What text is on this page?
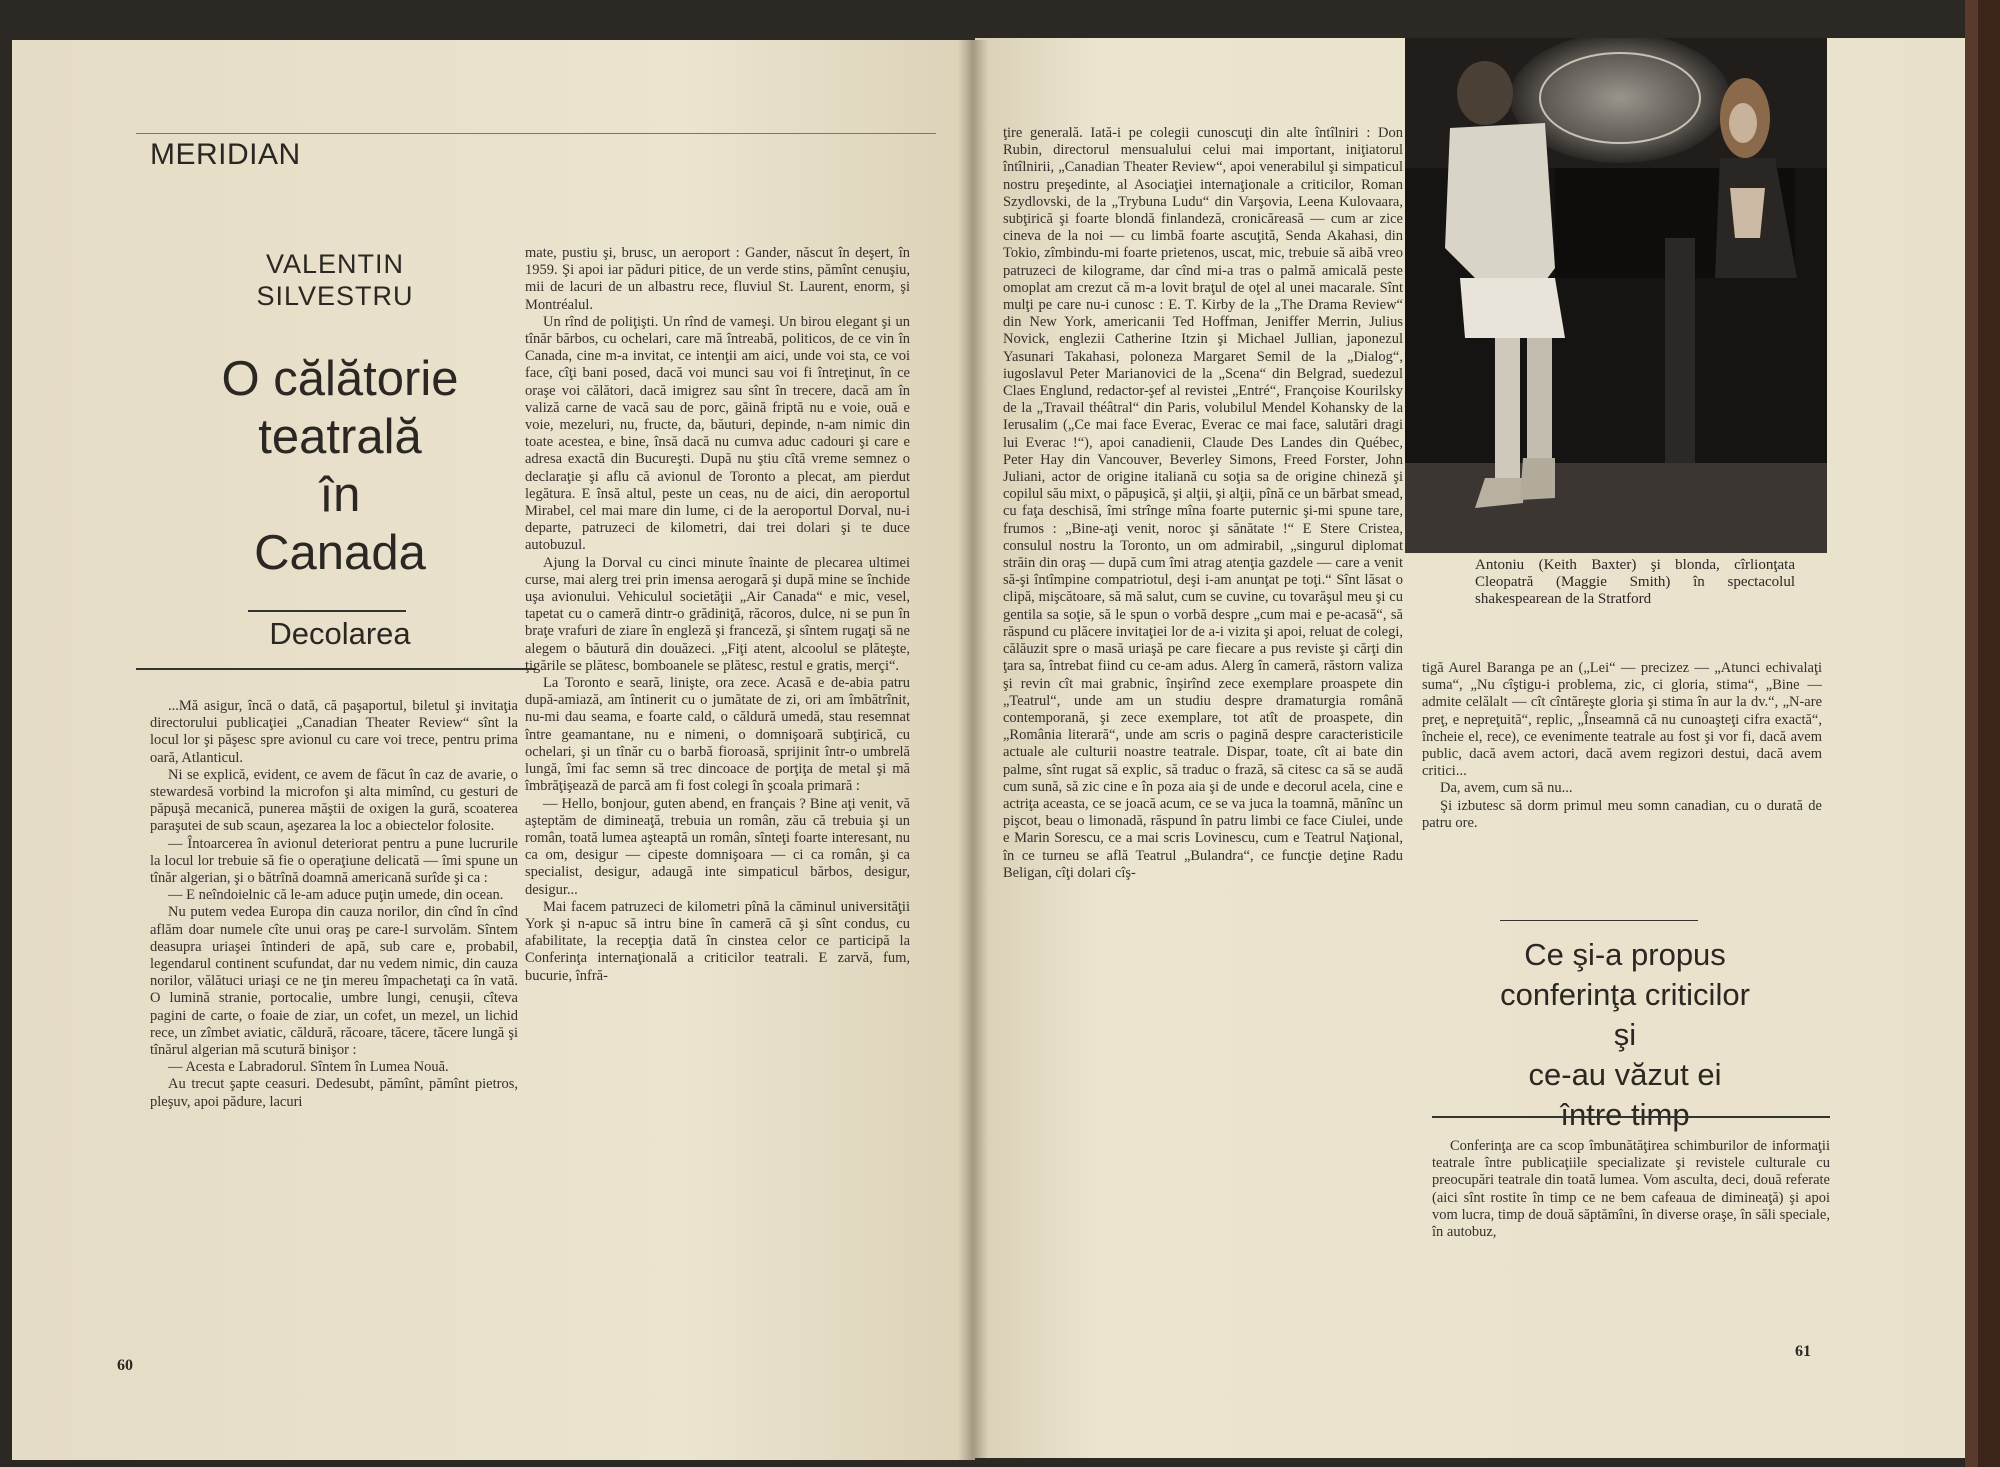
MERIDIAN
VALENTIN
SILVESTRU
O călătorie
teatrală
în
Canada
Decolarea

...Mă asigur, încă o dată, că paşaportul, biletul şi invitaţia directorului publicaţiei „Canadian Theater Review“ sînt la locul lor şi păşesc spre avionul cu care voi trece, pentru prima oară, Atlanticul.

Ni se explică, evident, ce avem de făcut în caz de avarie, o stewardesă vorbind la microfon şi alta mimînd, cu gesturi de păpuşă mecanică, punerea măştii de oxigen la gură, scoaterea paraşutei de sub scaun, aşezarea la loc a obiectelor folosite.

— Întoarcerea în avionul deteriorat pentru a pune lucrurile la locul lor trebuie să fie o operaţiune delicată — îmi spune un tînăr algerian, şi o bătrînă doamnă americană surîde şi ca :

— E neîndoielnic că le-am aduce puţin umede, din ocean.

Nu putem vedea Europa din cauza norilor, din cînd în cînd aflăm doar numele cîte unui oraş pe care-l survolăm. Sîntem deasupra uriaşei întinderi de apă, sub care e, probabil, legendarul continent scufundat, dar nu vedem nimic, din cauza norilor, vălătuci uriaşi ce ne ţin mereu împachetaţi ca în vată. O lumină stranie, portocalie, umbre lungi, cenuşii, cîteva pagini de carte, o foaie de ziar, un cofet, un mezel, un lichid rece, un zîmbet aviatic, căldură, răcoare, tăcere, tăcere lungă şi tînărul algerian mă scutură binişor :

— Acesta e Labradorul. Sîntem în Lumea Nouă.

Au trecut şapte ceasuri. Dedesubt, pămînt, pămînt pietros, pleşuv, apoi pădure, lacuri

mate, pustiu şi, brusc, un aeroport : Gander, născut în deşert, în 1959. Şi apoi iar păduri pitice, de un verde stins, pămînt cenuşiu, mii de lacuri de un albastru rece, fluviul St. Laurent, enorm, şi Montréalul.

Un rînd de poliţişti. Un rînd de vameşi. Un birou elegant şi un tînăr bărbos, cu ochelari, care mă întreabă, politicos, de ce vin în Canada, cine m-a invitat, ce intenţii am aici, unde voi sta, ce voi face, cîţi bani posed, dacă voi munci sau voi fi întreţinut, în ce oraşe voi călători, dacă imigrez sau sînt în trecere, dacă am în valiză carne de vacă sau de porc, găină friptă nu e voie, ouă e voie, mezeluri, nu, fructe, da, băuturi, depinde, n-am nimic din toate acestea, e bine, însă dacă nu cumva aduc cadouri şi care e adresa exactă din Bucureşti. După nu ştiu cîtă vreme semnez o declaraţie şi aflu că avionul de Toronto a plecat, am pierdut legătura. E însă altul, peste un ceas, nu de aici, din aeroportul Mirabel, cel mai mare din lume, ci de la aeroportul Dorval, nu-i departe, patruzeci de kilometri, dai trei dolari şi te duce autobuzul.

Ajung la Dorval cu cinci minute înainte de plecarea ultimei curse, mai alerg trei prin imensa aerogară şi după mine se închide uşa avionului. Vehiculul societăţii „Air Canada“ e mic, vesel, tapetat cu o cameră dintr-o grădiniţă, răcoros, dulce, ni se pun în braţe vrafuri de ziare în engleză şi franceză, şi sîntem rugaţi să ne alegem o băutură din douăzeci. „Fiţi atent, alcoolul se plăteşte, ţigările se plătesc, bomboanele se plătesc, restul e gratis, merçi“.

La Toronto e seară, linişte, ora zece. Acasă e de-abia patru după-amiază, am întinerit cu o jumătate de zi, ori am îmbătrînit, nu-mi dau seama, e foarte cald, o căldură umedă, stau resemnat între geamantane, nu e nimeni, o domnişoară subţirică, cu ochelari, şi un tînăr cu o barbă fioroasă, sprijinit într-o umbrelă lungă, îmi fac semn să trec dincoace de porţiţa de metal şi mă îmbrăţişează de parcă am fi fost colegi în şcoala primară :

— Hello, bonjour, guten abend, en français ? Bine aţi venit, vă aşteptăm de dimineaţă, trebuia un român, zău că trebuia şi un român, toată lumea aşteaptă un român, sînteţi foarte interesant, nu ca om, desigur — cipeste domnişoara — ci ca român, şi ca specialist, desigur, adaugă inte simpaticul bărbos, desigur, desigur...

Mai facem patruzeci de kilometri pînă la căminul universităţii York şi n-apuc să intru bine în cameră că şi sînt condus, cu afabilitate, la recepţia dată în cinstea celor ce participă la Conferinţa internaţională a criticilor teatrali. E zarvă, fum, bucurie, înfră-

60

ţire generală. Iată-i pe colegii cunoscuţi din alte întîlniri : Don Rubin, directorul mensualului celui mai important, iniţiatorul întîlnirii, „Canadian Theater Review“, apoi venerabilul şi simpaticul nostru preşedinte, al Asociaţiei internaţionale a criticilor, Roman Szydlovski, de la „Trybuna Ludu“ din Varşovia, Leena Kulovaara, subţirică şi foarte blondă finlandeză, cronicăreasă — cum ar zice cineva de la noi — cu limbă foarte ascuţită, Senda Akahasi, din Tokio, zîmbindu-mi foarte prietenos, uscat, mic, trebuie să aibă vreo patruzeci de kilograme, dar cînd mi-a tras o palmă amicală peste omoplat am crezut că m-a lovit braţul de oţel al unei macarale. Sînt mulţi pe care nu-i cunosc : E. T. Kirby de la „The Drama Review“ din New York, americanii Ted Hoffman, Jeniffer Merrin, Julius Novick, englezii Catherine Itzin şi Michael Jullian, japonezul Yasunari Takahasi, poloneza Margaret Semil de la „Dialog“, iugoslavul Peter Marianovici de la „Scena“ din Belgrad, suedezul Claes Englund, redactor-şef al revistei „Entré“, Françoise Kourilsky de la „Travail théâtral“ din Paris, volubilul Mendel Kohansky de la Ierusalim („Ce mai face Everac, Everac ce mai face, salutări dragi lui Everac !“), apoi canadienii, Claude Des Landes din Québec, Peter Hay din Vancouver, Beverley Simons, Freed Forster, John Juliani, actor de origine italiană cu soţia sa de origine chineză şi copilul său mixt, o păpuşică, şi alţii, şi alţii, pînă ce un bărbat smead, cu faţa deschisă, îmi strînge mîna foarte puternic şi-mi spune tare, frumos : „Bine-aţi venit, noroc şi sănătate !“ E Stere Cristea, consulul nostru la Toronto, un om admirabil, „singurul diplomat străin din oraş — după cum îmi atrag atenţia gazdele — care a venit să-şi întîmpine compatriotul, deşi i-am anunţat pe toţi.“ Sînt lăsat o clipă, mişcătoare, să mă salut, cum se cuvine, cu tovarăşul meu şi cu gentila sa soţie, să le spun o vorbă despre „cum mai e pe-acasă“, să răspund cu plăcere invitaţiei lor de a-i vizita şi apoi, reluat de colegi, călăuzit spre o masă uriaşă pe care fiecare a pus reviste şi cărţi din ţara sa, întrebat fiind cu ce-am adus. Alerg în cameră, răstorn valiza şi revin cît mai grabnic, înşirînd zece exemplare proaspete din „Teatrul“, unde am un studiu despre dramaturgia română contemporană, şi zece exemplare, tot atît de proaspete, din „România literară“, unde am scris o pagină despre caracteristicile actuale ale culturii noastre teatrale. Dispar, toate, cît ai bate din palme, sînt rugat să explic, să traduc o frază, să citesc ca să se audă cum sună, să zic cine e în poza aia şi de unde e decorul acela, cine e actriţa aceasta, ce se joacă acum, ce se va juca la toamnă, mănînc un pişcot, beau o limonadă, răspund în patru limbi ce face Ciulei, unde e Marin Sorescu, ce a mai scris Lovinescu, cum e Teatrul Naţional, în ce turneu se află Teatrul „Bulandra“, ce funcţie deţine Radu Beligan, cîţi dolari cîş-

Antoniu (Keith Baxter) şi blonda, cîrlionţata Cleopatră (Maggie Smith) în spectacolul shakespearean de la Stratford

tigă Aurel Baranga pe an („Lei“ — precizez — „Atunci echivalaţi suma“, „Nu cîştigu-i problema, zic, ci gloria, stima“, „Bine — admite celălalt — cît cîntăreşte gloria şi stima în aur la dv.“, „N-are preţ, e nepreţuită“, replic, „Înseamnă că nu cunoaşteţi cifra exactă“, încheie el, rece), ce evenimente teatrale au fost şi vor fi, dacă avem public, dacă avem actori, dacă avem regizori destui, dacă avem critici...

Da, avem, cum să nu...

Şi izbutesc să dorm primul meu somn canadian, cu o durată de patru ore.

Ce şi-a propus
conferinţa criticilor
şi
ce-au văzut ei
între timp

Conferinţa are ca scop îmbunătăţirea schimburilor de informaţii teatrale între publicaţiile specializate şi revistele culturale cu preocupări teatrale din toată lumea. Vom asculta, deci, două referate (aici sînt rostite în timp ce ne bem cafeaua de dimineaţă) şi apoi vom lucra, timp de două săptămîni, în diverse oraşe, în săli speciale, în autobuz,

61
